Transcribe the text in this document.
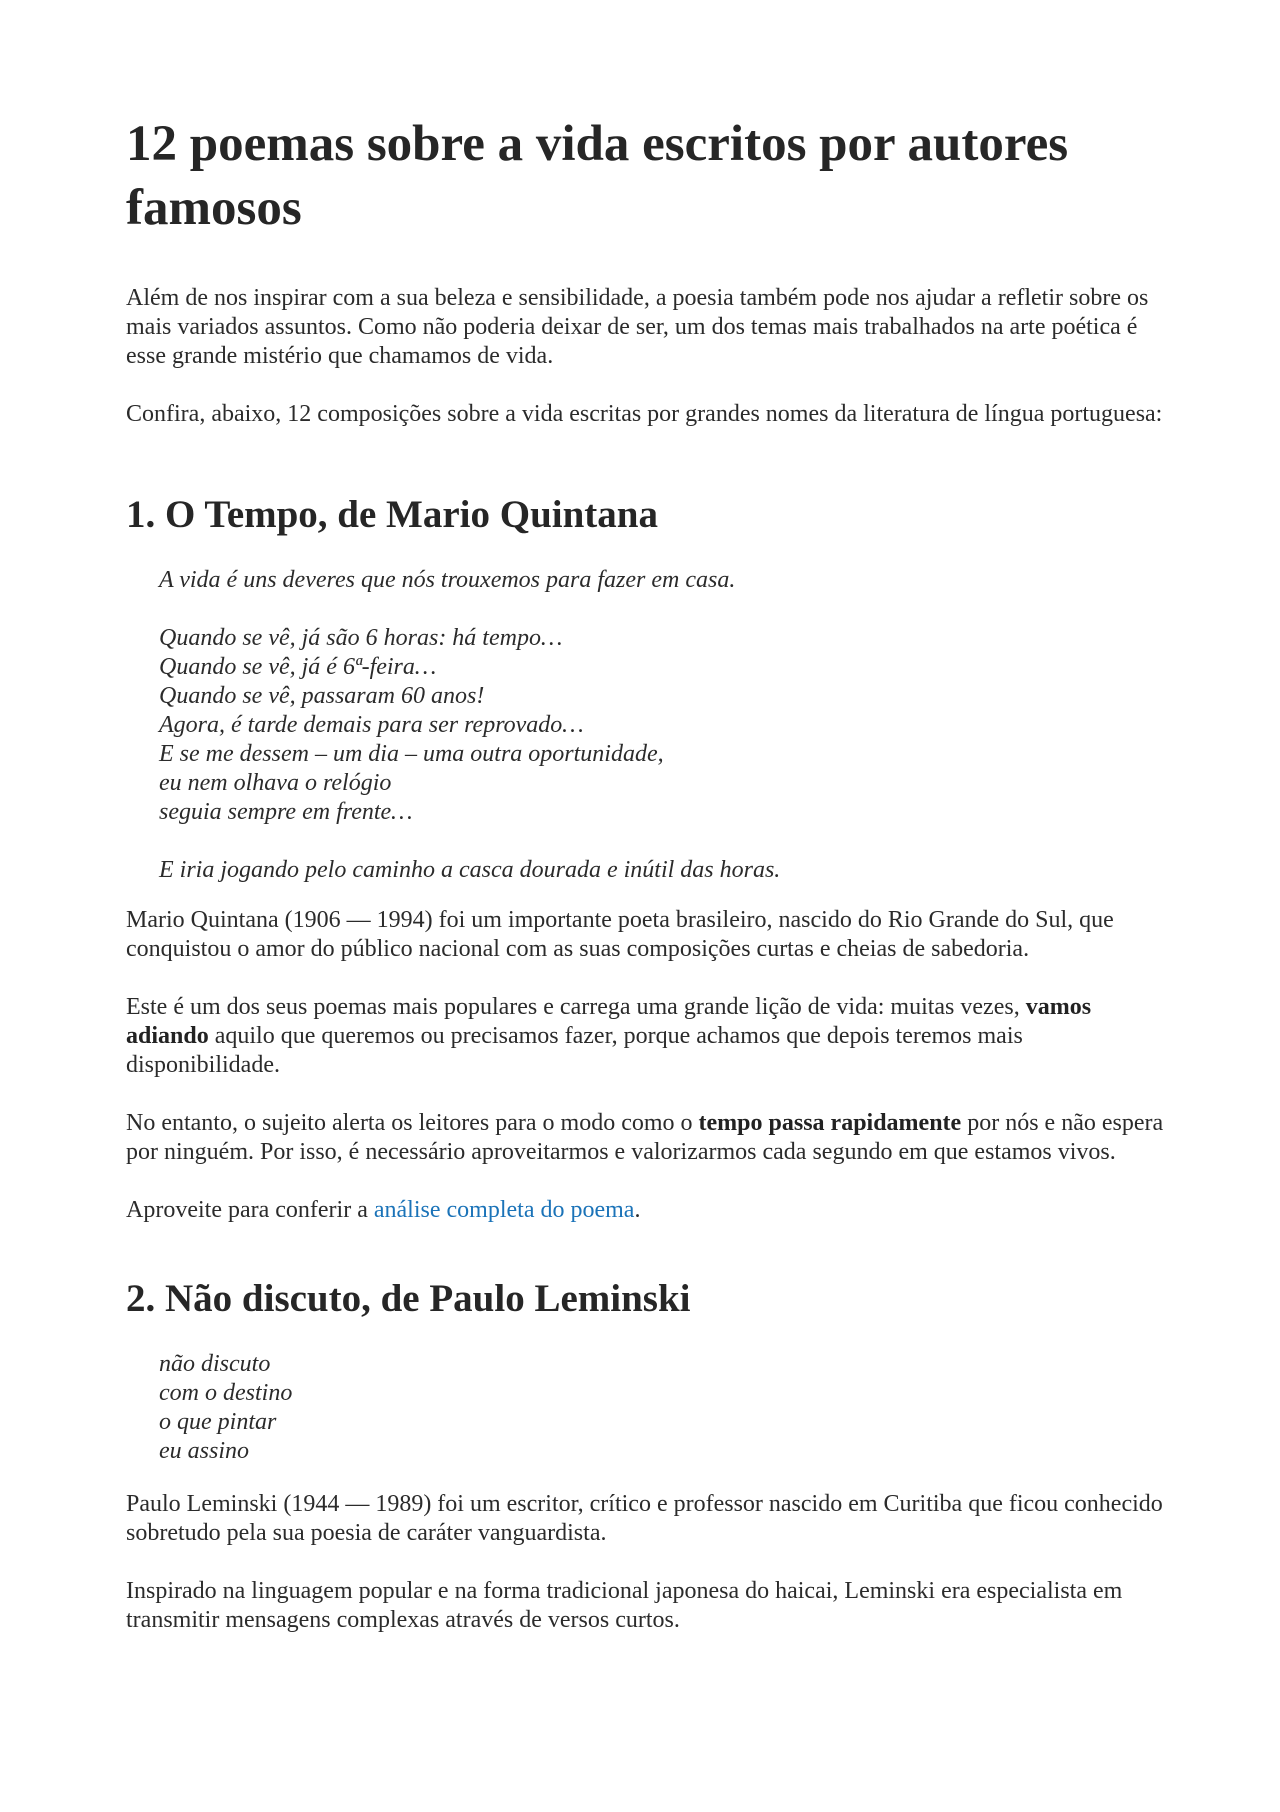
12 poemas sobre a vida escritos por autores famosos

Além de nos inspirar com a sua beleza e sensibilidade, a poesia também pode nos ajudar a refletir sobre os mais variados assuntos. Como não poderia deixar de ser, um dos temas mais trabalhados na arte poética é esse grande mistério que chamamos de vida.

Confira, abaixo, 12 composições sobre a vida escritas por grandes nomes da literatura de língua portuguesa:

1. O Tempo, de Mario Quintana
A vida é uns deveres que nós trouxemos para fazer em casa.
Quando se vê, já são 6 horas: há tempo…
Quando se vê, já é 6ª-feira…
Quando se vê, passaram 60 anos!
Agora, é tarde demais para ser reprovado…
E se me dessem – um dia – uma outra oportunidade,
eu nem olhava o relógio
seguia sempre em frente…
E iria jogando pelo caminho a casca dourada e inútil das horas.

Mario Quintana (1906 — 1994) foi um importante poeta brasileiro, nascido do Rio Grande do Sul, que conquistou o amor do público nacional com as suas composições curtas e cheias de sabedoria.

Este é um dos seus poemas mais populares e carrega uma grande lição de vida: muitas vezes, vamos adiando aquilo que queremos ou precisamos fazer, porque achamos que depois teremos mais disponibilidade.

No entanto, o sujeito alerta os leitores para o modo como o tempo passa rapidamente por nós e não espera por ninguém. Por isso, é necessário aproveitarmos e valorizarmos cada segundo em que estamos vivos.

Aproveite para conferir a análise completa do poema.

2. Não discuto, de Paulo Leminski
não discuto
com o destino
o que pintar
eu assino

Paulo Leminski (1944 — 1989) foi um escritor, crítico e professor nascido em Curitiba que ficou conhecido sobretudo pela sua poesia de caráter vanguardista.

Inspirado na linguagem popular e na forma tradicional japonesa do haicai, Leminski era especialista em transmitir mensagens complexas através de versos curtos.
